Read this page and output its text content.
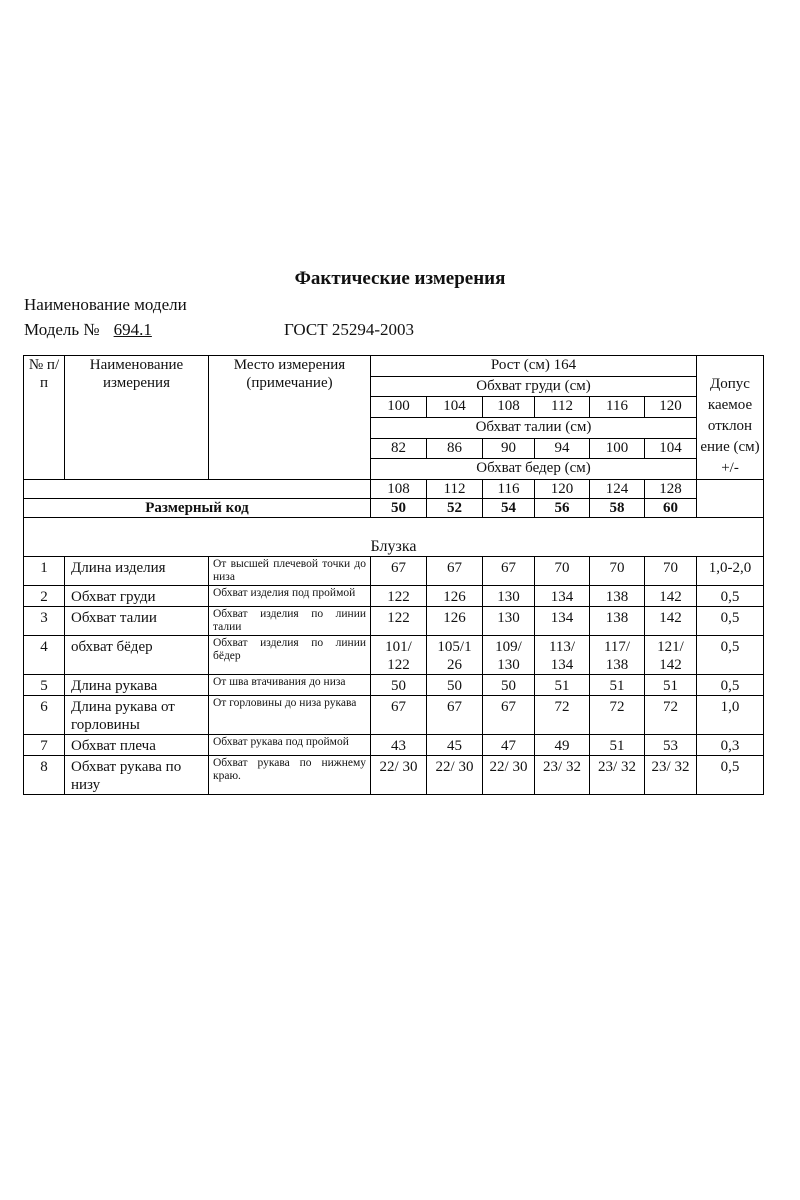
Фактические измерения
Наименование модели
Модель № 694.1	ГОСТ 25294-2003
№ п/п	Наименование измерения	Место измерения (примечание)	Рост (см) 164						Допус каемое отклон ение (см) +/-
			Обхват груди (см)						
			100	104	108	112	116	120	
			Обхват талии (см)						
			82	86	90	94	100	104	
			Обхват бедер (см)						
			108	112	116	120	124	128	
Размерный код			50	52	54	56	58	60	
Блузка									
1	Длина изделия	От высшей плечевой точки до низа	67	67	67	70	70	70	1,0-2,0
2	Обхват груди	Обхват изделия под проймой	122	126	130	134	138	142	0,5
3	Обхват талии	Обхват изделия по линии талии	122	126	130	134	138	142	0,5
4	обхват бёдер	Обхват изделия по линии бёдер	101/ 122	105/1 26	109/ 130	113/ 134	117/ 138	121/ 142	0,5
5	Длина рукава	От шва втачивания до низа	50	50	50	51	51	51	0,5
6	Длина рукава от горловины	От горловины до низа рукава	67	67	67	72	72	72	1,0
7	Обхват плеча	Обхват рукава под проймой	43	45	47	49	51	53	0,3
8	Обхват рукава по низу	Обхват рукава по нижнему краю.	22/ 30	22/ 30	22/ 30	23/ 32	23/ 32	23/ 32	0,5
